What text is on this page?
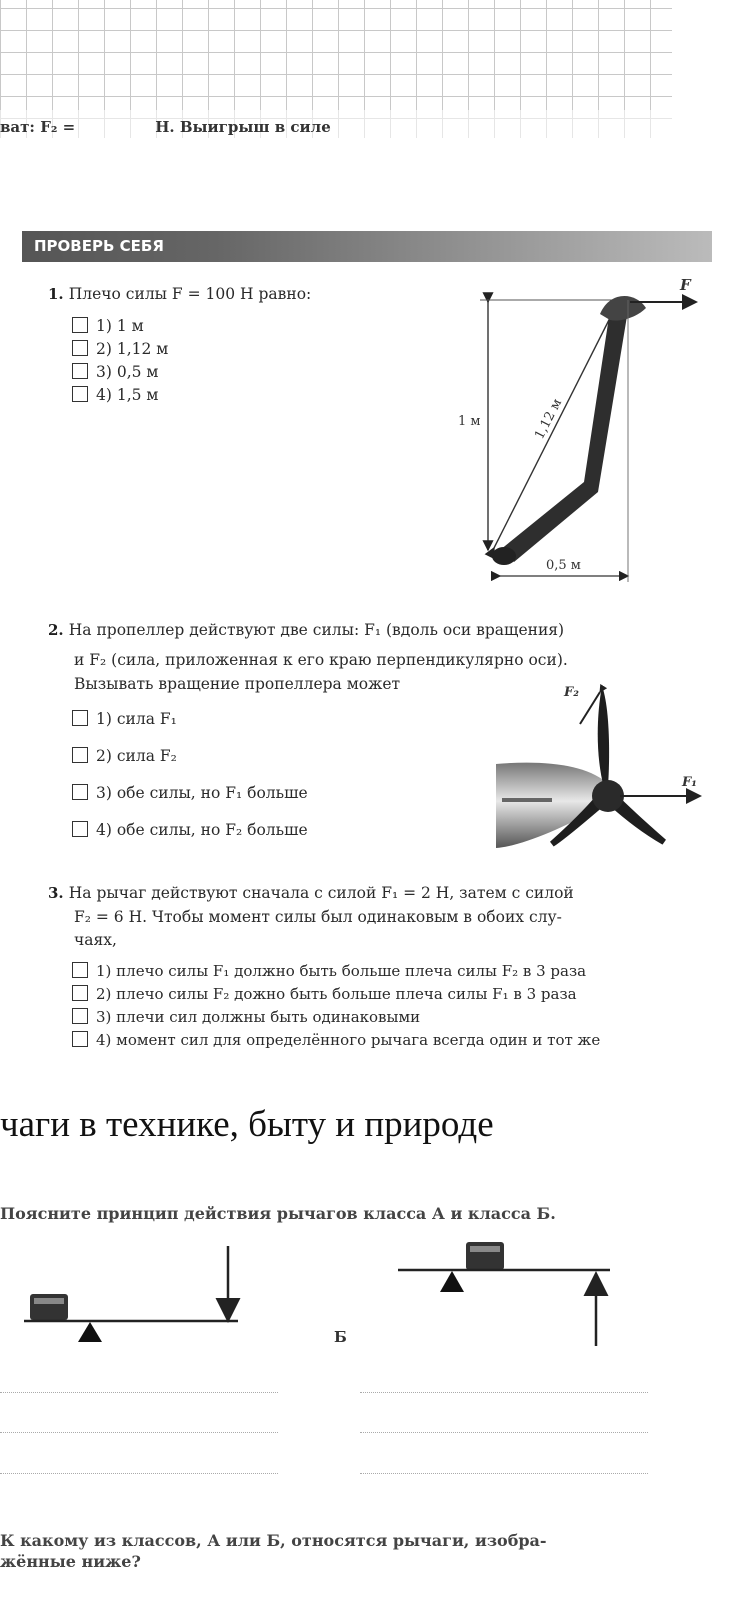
ват: F₂ =	Н. Выигрыш в силе
ПРОВЕРЬ СЕБЯ
1. Плечо силы F = 100 Н равно:
1) 1 м
2) 1,12 м
3) 0,5 м
4) 1,5 м
1 м	1,12 м
F
0,5 м
2. На пропеллер действуют две силы: F₁ (вдоль оси вращения)
и F₂ (сила, приложенная к его краю перпендикулярно оси).
Вызывать вращение пропеллера может
1) сила F₁
2) сила F₂
3) обе силы, но F₁ больше
4) обе силы, но F₂ больше
F₁
F₂
3. На рычаг действуют сначала с силой F₁ = 2 Н, затем с силой
F₂ = 6 Н. Чтобы момент силы был одинаковым в обоих слу-
чаях,
1) плечо силы F₁ должно быть больше плеча силы F₂ в 3 раза
2) плечо силы F₂ дожно быть больше плеча силы F₁ в 3 раза
3) плечи сил должны быть одинаковыми
4) момент сил для определённого рычага всегда один и тот же
чаги в технике, быту и природе
Поясните принцип действия рычагов класса А и класса Б.
Б
К какому из классов, А или Б, относятся рычаги, изобра-
жённые ниже?
